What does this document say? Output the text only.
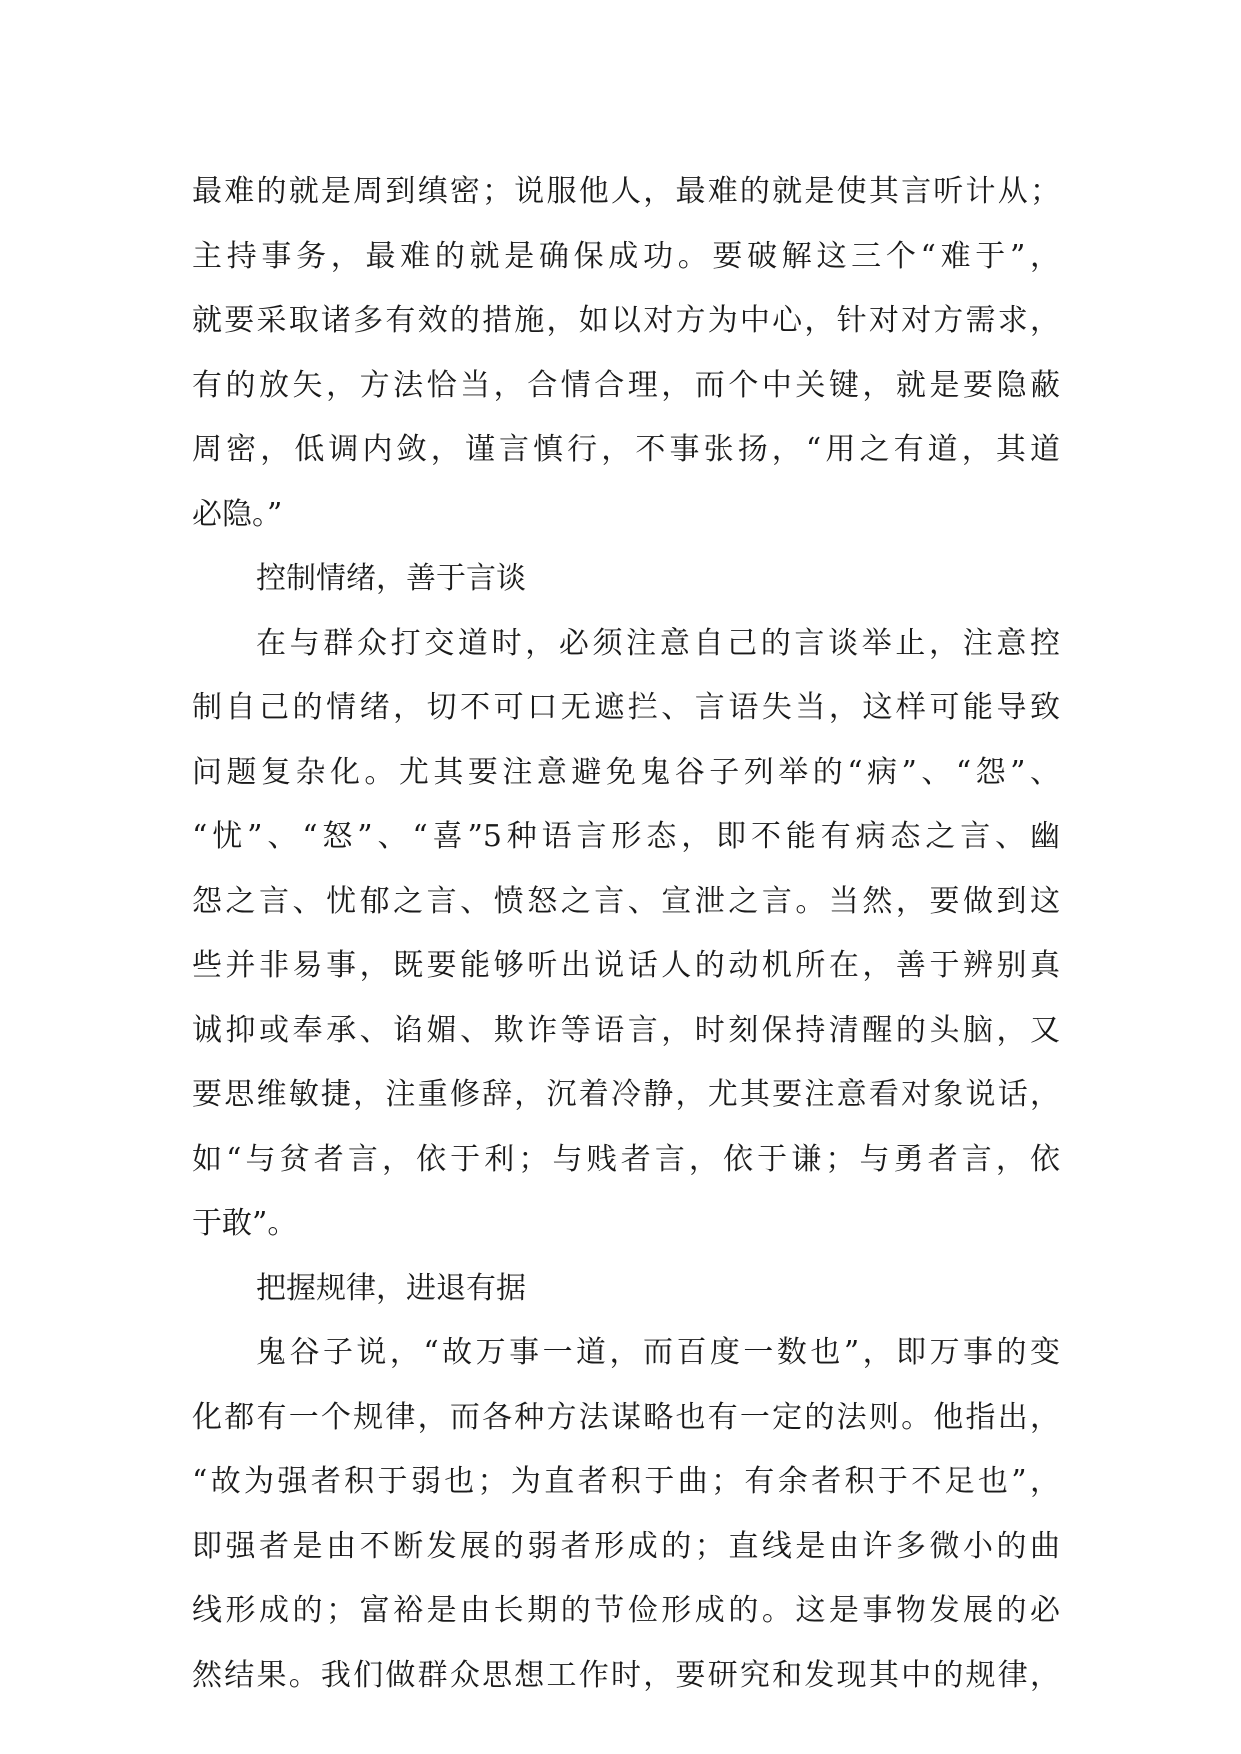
最难的就是周到缜密；说服他人，最难的就是使其言听计从；
主持事务，最难的就是确保成功。要破解这三个“难于”，
就要采取诸多有效的措施，如以对方为中心，针对对方需求，
有的放矢，方法恰当，合情合理，而个中关键，就是要隐蔽
周密，低调内敛，谨言慎行，不事张扬，“用之有道，其道
必隐。”
控制情绪，善于言谈
在与群众打交道时，必须注意自己的言谈举止，注意控
制自己的情绪，切不可口无遮拦、言语失当，这样可能导致
问题复杂化。尤其要注意避免鬼谷子列举的“病”、“怨”、
“忧”、“怒”、“喜”5种语言形态，即不能有病态之言、幽
怨之言、忧郁之言、愤怒之言、宣泄之言。当然，要做到这
些并非易事，既要能够听出说话人的动机所在，善于辨别真
诚抑或奉承、谄媚、欺诈等语言，时刻保持清醒的头脑，又
要思维敏捷，注重修辞，沉着冷静，尤其要注意看对象说话，
如“与贫者言，依于利；与贱者言，依于谦；与勇者言，依
于敢”。
把握规律，进退有据
鬼谷子说，“故万事一道，而百度一数也”，即万事的变
化都有一个规律，而各种方法谋略也有一定的法则。他指出，
“故为强者积于弱也；为直者积于曲；有余者积于不足也”，
即强者是由不断发展的弱者形成的；直线是由许多微小的曲
线形成的；富裕是由长期的节俭形成的。这是事物发展的必
然结果。我们做群众思想工作时，要研究和发现其中的规律，
